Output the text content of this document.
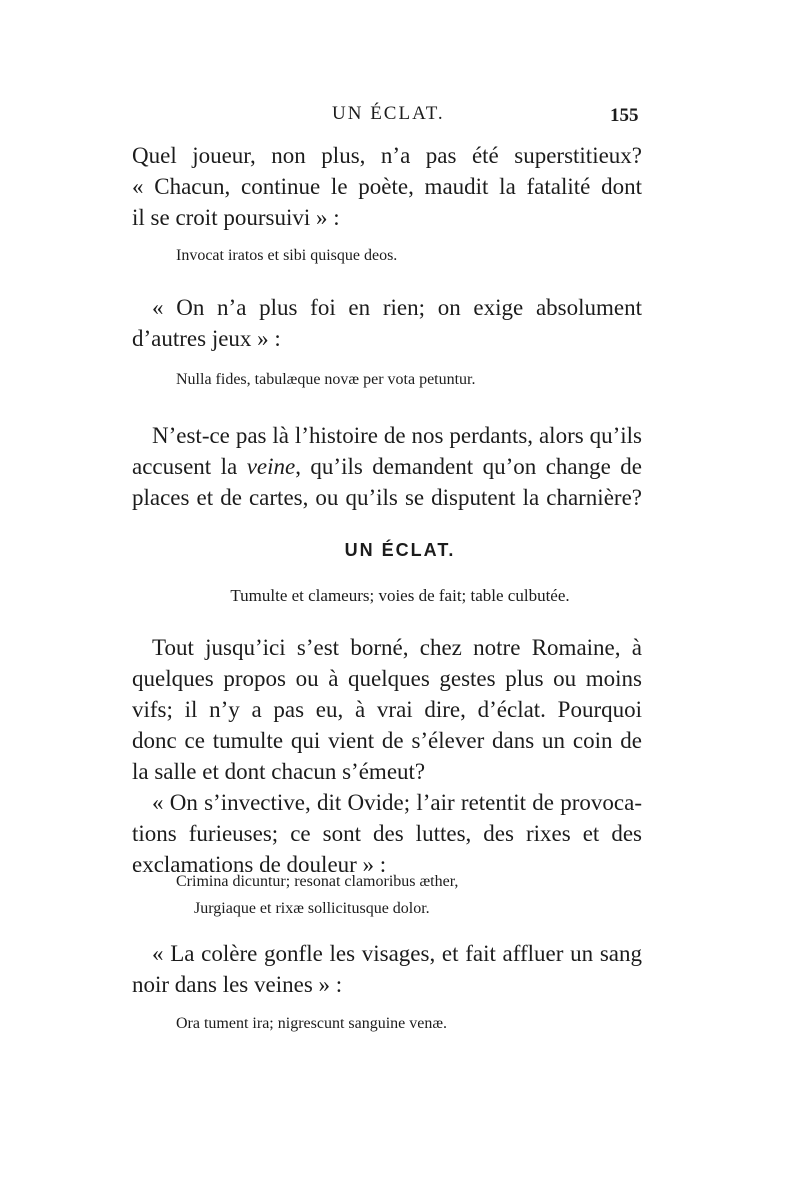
UN ÉCLAT.	155

Quel joueur, non plus, n’a pas été superstitieux?
« Chacun, continue le poète, maudit la fatalité dont
il se croit poursuivi » :

Invocat iratos et sibi quisque deos.

« On n’a plus foi en rien; on exige absolument
d’autres jeux » :

Nulla fides, tabulæque novæ per vota petuntur.

N’est-ce pas là l’histoire de nos perdants, alors qu’ils
accusent la veine, qu’ils demandent qu’on change de
places et de cartes, ou qu’ils se disputent la charnière?

UN ÉCLAT.
Tumulte et clameurs; voies de fait; table culbutée.

Tout jusqu’ici s’est borné, chez notre Romaine, à
quelques propos ou à quelques gestes plus ou moins
vifs; il n’y a pas eu, à vrai dire, d’éclat. Pourquoi
donc ce tumulte qui vient de s’élever dans un coin de
la salle et dont chacun s’émeut?

« On s’invective, dit Ovide; l’air retentit de provoca-
tions furieuses; ce sont des luttes, des rixes et des
exclamations de douleur » :

Crimina dicuntur; resonat clamoribus æther,
Jurgiaque et rixæ sollicitusque dolor.

« La colère gonfle les visages, et fait affluer un sang
noir dans les veines » :

Ora tument ira; nigrescunt sanguine venæ.
